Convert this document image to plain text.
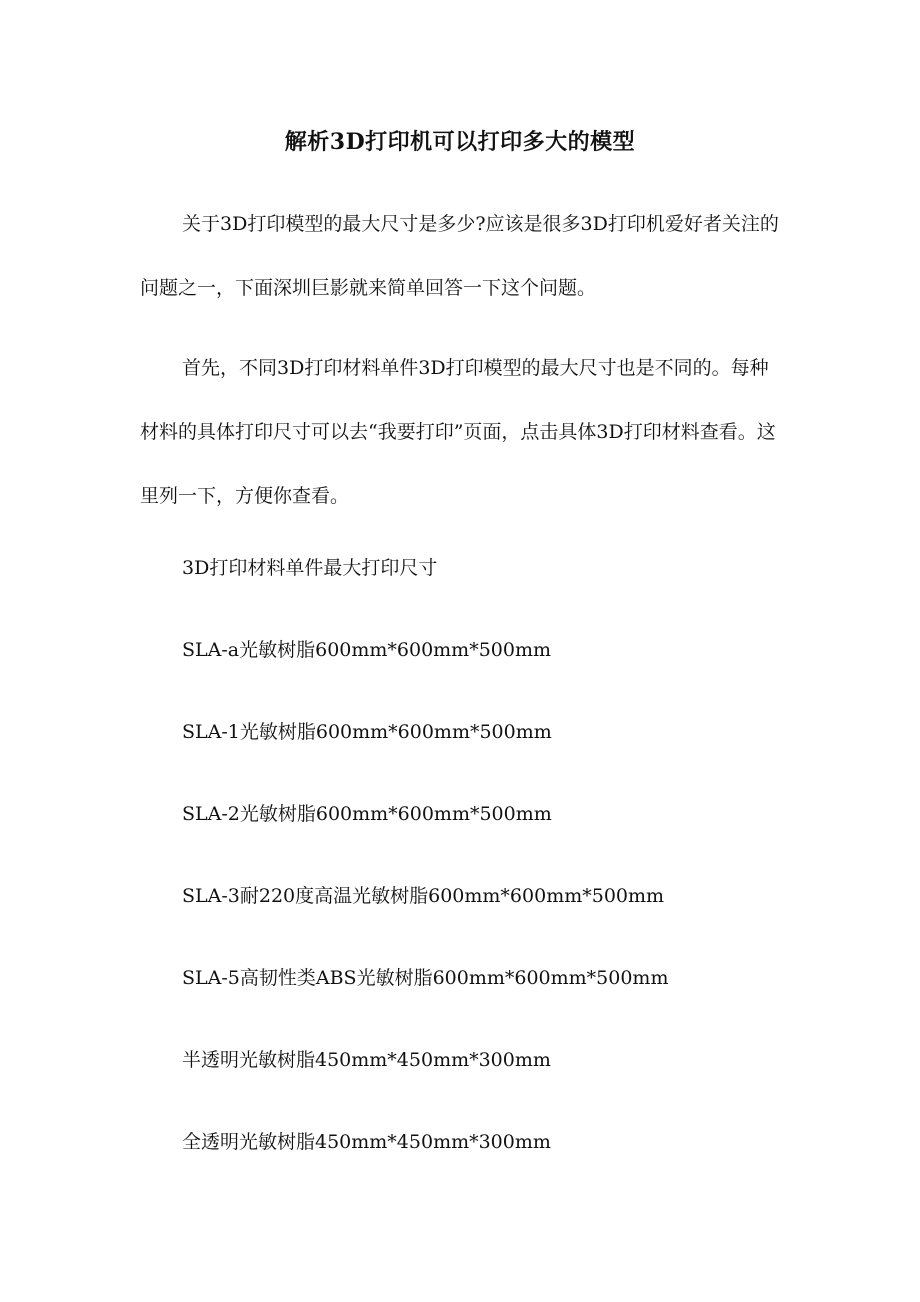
解析3D打印机可以打印多大的模型

关于3D打印模型的最大尺寸是多少?应该是很多3D打印机爱好者关注的问题之一，下面深圳巨影就来简单回答一下这个问题。

首先，不同3D打印材料单件3D打印模型的最大尺寸也是不同的。每种材料的具体打印尺寸可以去“我要打印”页面，点击具体3D打印材料查看。这里列一下，方便你查看。

3D打印材料单件最大打印尺寸
SLA-a光敏树脂600mm*600mm*500mm
SLA-1光敏树脂600mm*600mm*500mm
SLA-2光敏树脂600mm*600mm*500mm
SLA-3耐220度高温光敏树脂600mm*600mm*500mm
SLA-5高韧性类ABS光敏树脂600mm*600mm*500mm
半透明光敏树脂450mm*450mm*300mm
全透明光敏树脂450mm*450mm*300mm
